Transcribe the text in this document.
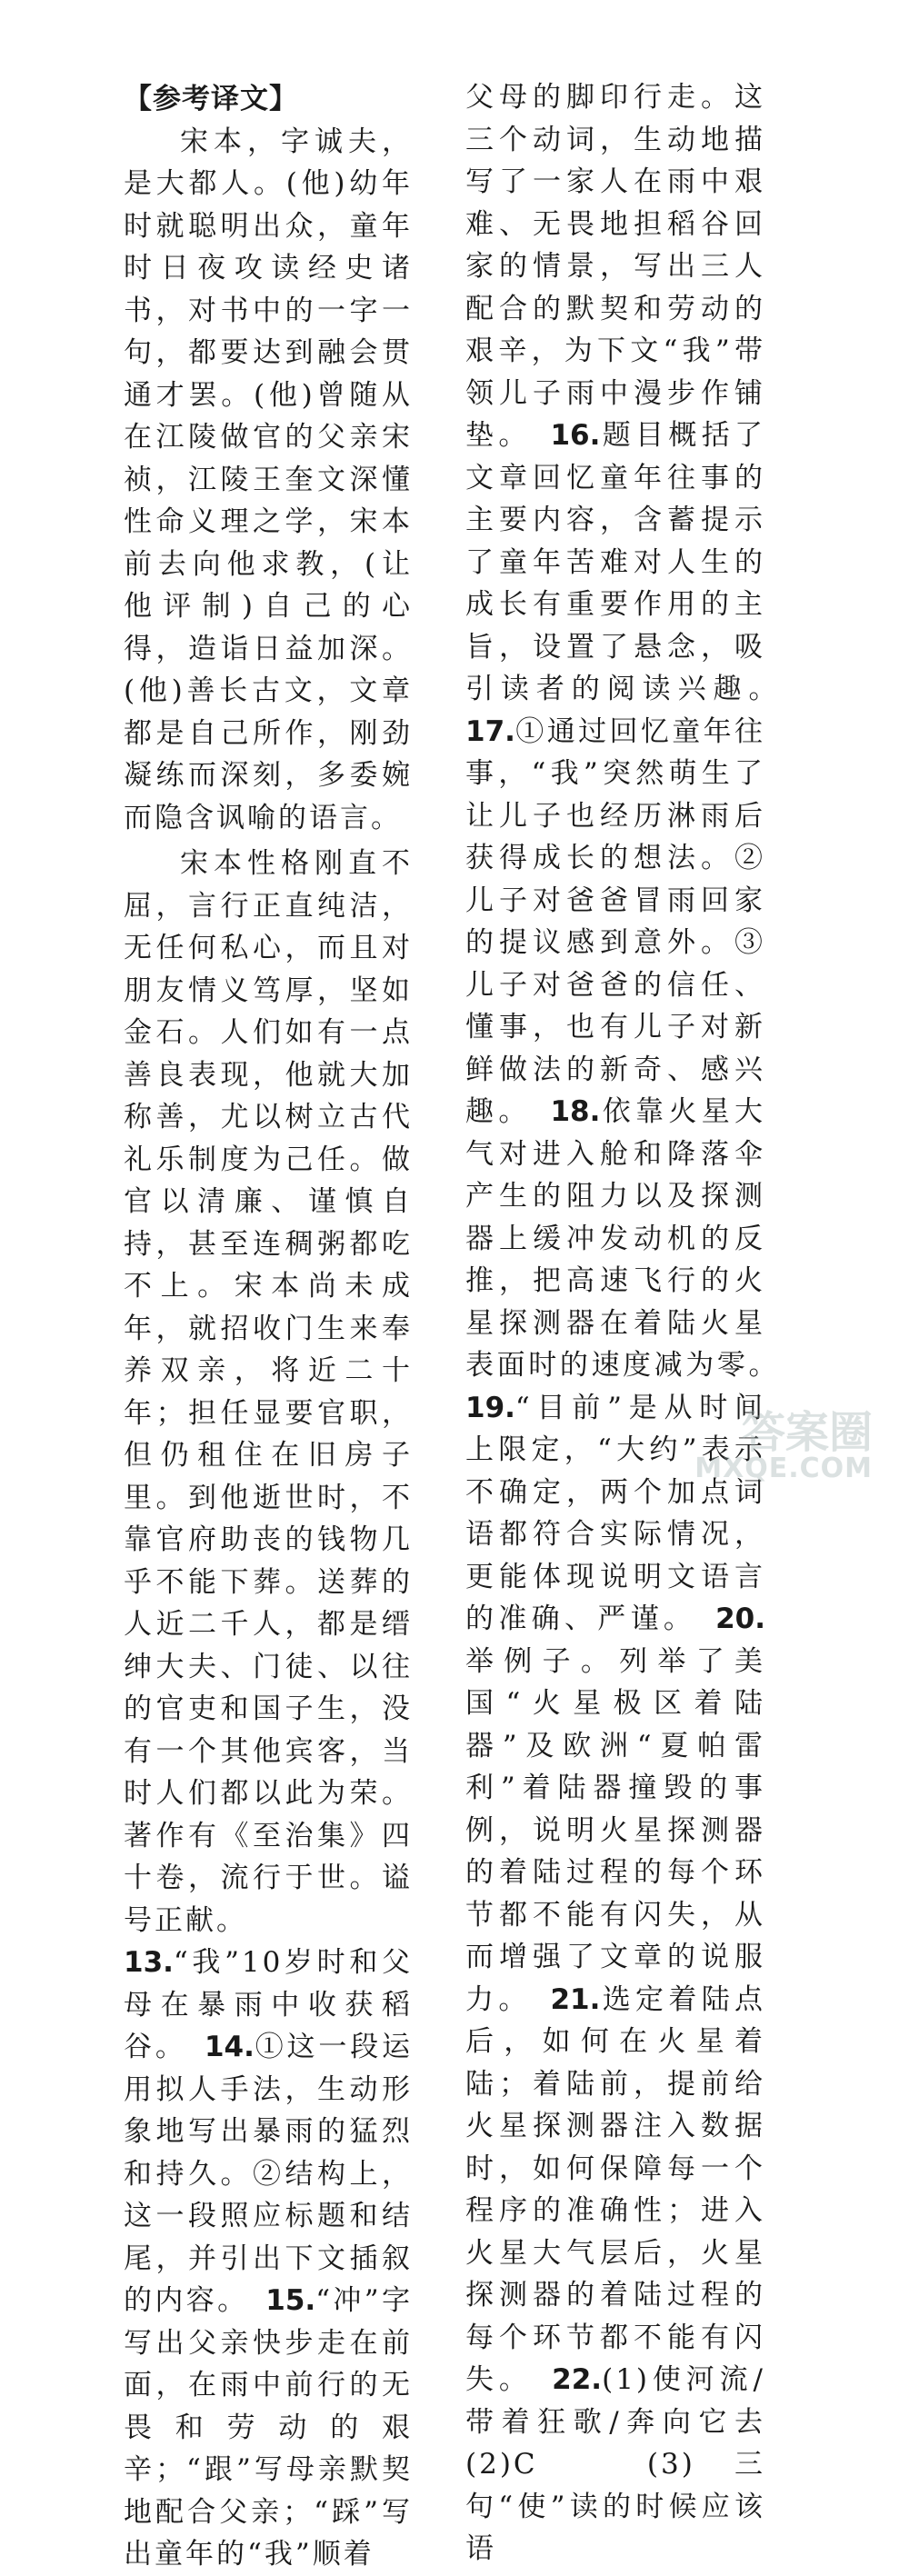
【参考译文】

宋本，字诚夫，是大都人。(他)幼年时就聪明出众，童年时日夜攻读经史诸书，对书中的一字一句，都要达到融会贯通才罢。(他)曾随从在江陵做官的父亲宋祯，江陵王奎文深懂性命义理之学，宋本前去向他求教，(让他评制)自己的心得，造诣日益加深。(他)善长古文，文章都是自己所作，刚劲凝练而深刻，多委婉而隐含讽喻的语言。

宋本性格刚直不屈，言行正直纯洁，无任何私心，而且对朋友情义笃厚，坚如金石。人们如有一点善良表现，他就大加称善，尤以树立古代礼乐制度为己任。做官以清廉、谨慎自持，甚至连稠粥都吃不上。宋本尚未成年，就招收门生来奉养双亲，将近二十年；担任显要官职，但仍租住在旧房子里。到他逝世时，不靠官府助丧的钱物几乎不能下葬。送葬的人近二千人，都是缙绅大夫、门徒、以往的官吏和国子生，没有一个其他宾客，当时人们都以此为荣。著作有《至治集》四十卷，流行于世。谥号正献。

13.“我”10岁时和父母在暴雨中收获稻谷。　 14.①这一段运用拟人手法，生动形象地写出暴雨的猛烈和持久。②结构上，这一段照应标题和结尾，并引出下文插叙的内容。　 15.“冲”字写出父亲快步走在前面，在雨中前行的无畏和劳动的艰辛；“跟”写母亲默契地配合父亲；“踩”写出童年的“我”顺着

父母的脚印行走。这三个动词，生动地描写了一家人在雨中艰难、无畏地担稻谷回家的情景，写出三人配合的默契和劳动的艰辛，为下文“我”带领儿子雨中漫步作铺垫。　 16.题目概括了文章回忆童年往事的主要内容，含蓄提示了童年苦难对人生的成长有重要作用的主旨，设置了悬念，吸引读者的阅读兴趣。　17.①通过回忆童年往事，“我”突然萌生了让儿子也经历淋雨后获得成长的想法。②儿子对爸爸冒雨回家的提议感到意外。③儿子对爸爸的信任、懂事，也有儿子对新鲜做法的新奇、感兴趣。　 18.依靠火星大气对进入舱和降落伞产生的阻力以及探测器上缓冲发动机的反推，把高速飞行的火星探测器在着陆火星表面时的速度减为零。　19.“目前”是从时间上限定，“大约”表示不确定，两个加点词语都符合实际情况，更能体现说明文语言的准确、严谨。　 20.举例子。列举了美国“火星极区着陆器”及欧洲“夏帕雷利”着陆器撞毁的事例，说明火星探测器的着陆过程的每个环节都不能有闪失，从而增强了文章的说服力。　 21.选定着陆点后，如何在火星着陆；着陆前，提前给火星探测器注入数据时，如何保障每一个程序的准确性；进入火星大气层后，火星探测器的着陆过程的每个环节都不能有闪失。　 22.(1)使河流/带着狂歌/奔向它去　(2)C　(3)三句“使”读的时候应该语

答案圈
MXQE.COM
